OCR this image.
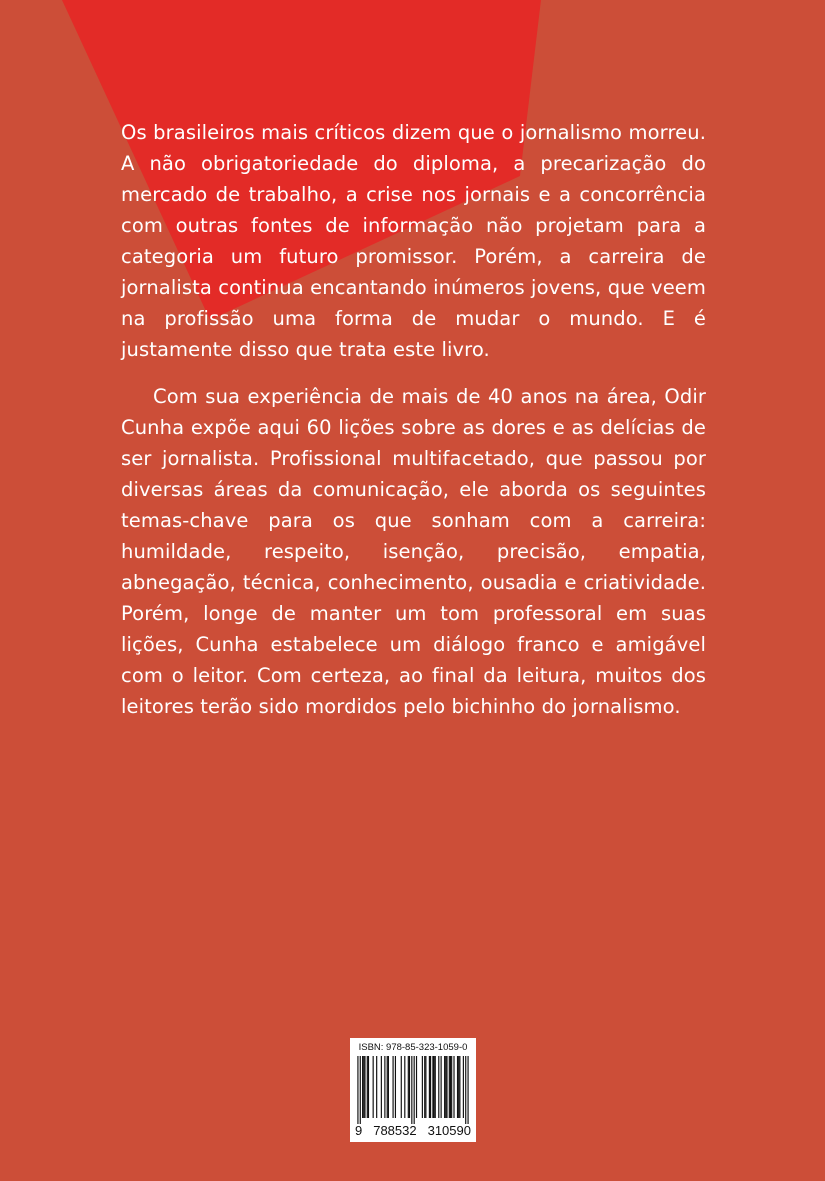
Os brasileiros mais críticos dizem que o jornalismo morreu. A não obrigatoriedade do diploma, a precarização do mercado de trabalho, a crise nos jornais e a concorrência com outras fontes de informação não projetam para a categoria um futuro promissor. Porém, a carreira de jornalista continua encantando inúmeros jovens, que veem na profissão uma forma de mudar o mundo. E é justamente disso que trata este livro.

Com sua experiência de mais de 40 anos na área, Odir Cunha expõe aqui 60 lições sobre as dores e as delícias de ser jornalista. Profissional multifacetado, que passou por diversas áreas da comunicação, ele aborda os seguintes temas-chave para os que sonham com a carreira: humildade, respeito, isenção, precisão, empatia, abnegação, técnica, conhecimento, ousadia e criatividade. Porém, longe de manter um tom professoral em suas lições, Cunha estabelece um diálogo franco e amigável com o leitor. Com certeza, ao final da leitura, muitos dos leitores terão sido mordidos pelo bichinho do jornalismo.

ISBN: 978-85-323-1059-0
9 788532 310590
